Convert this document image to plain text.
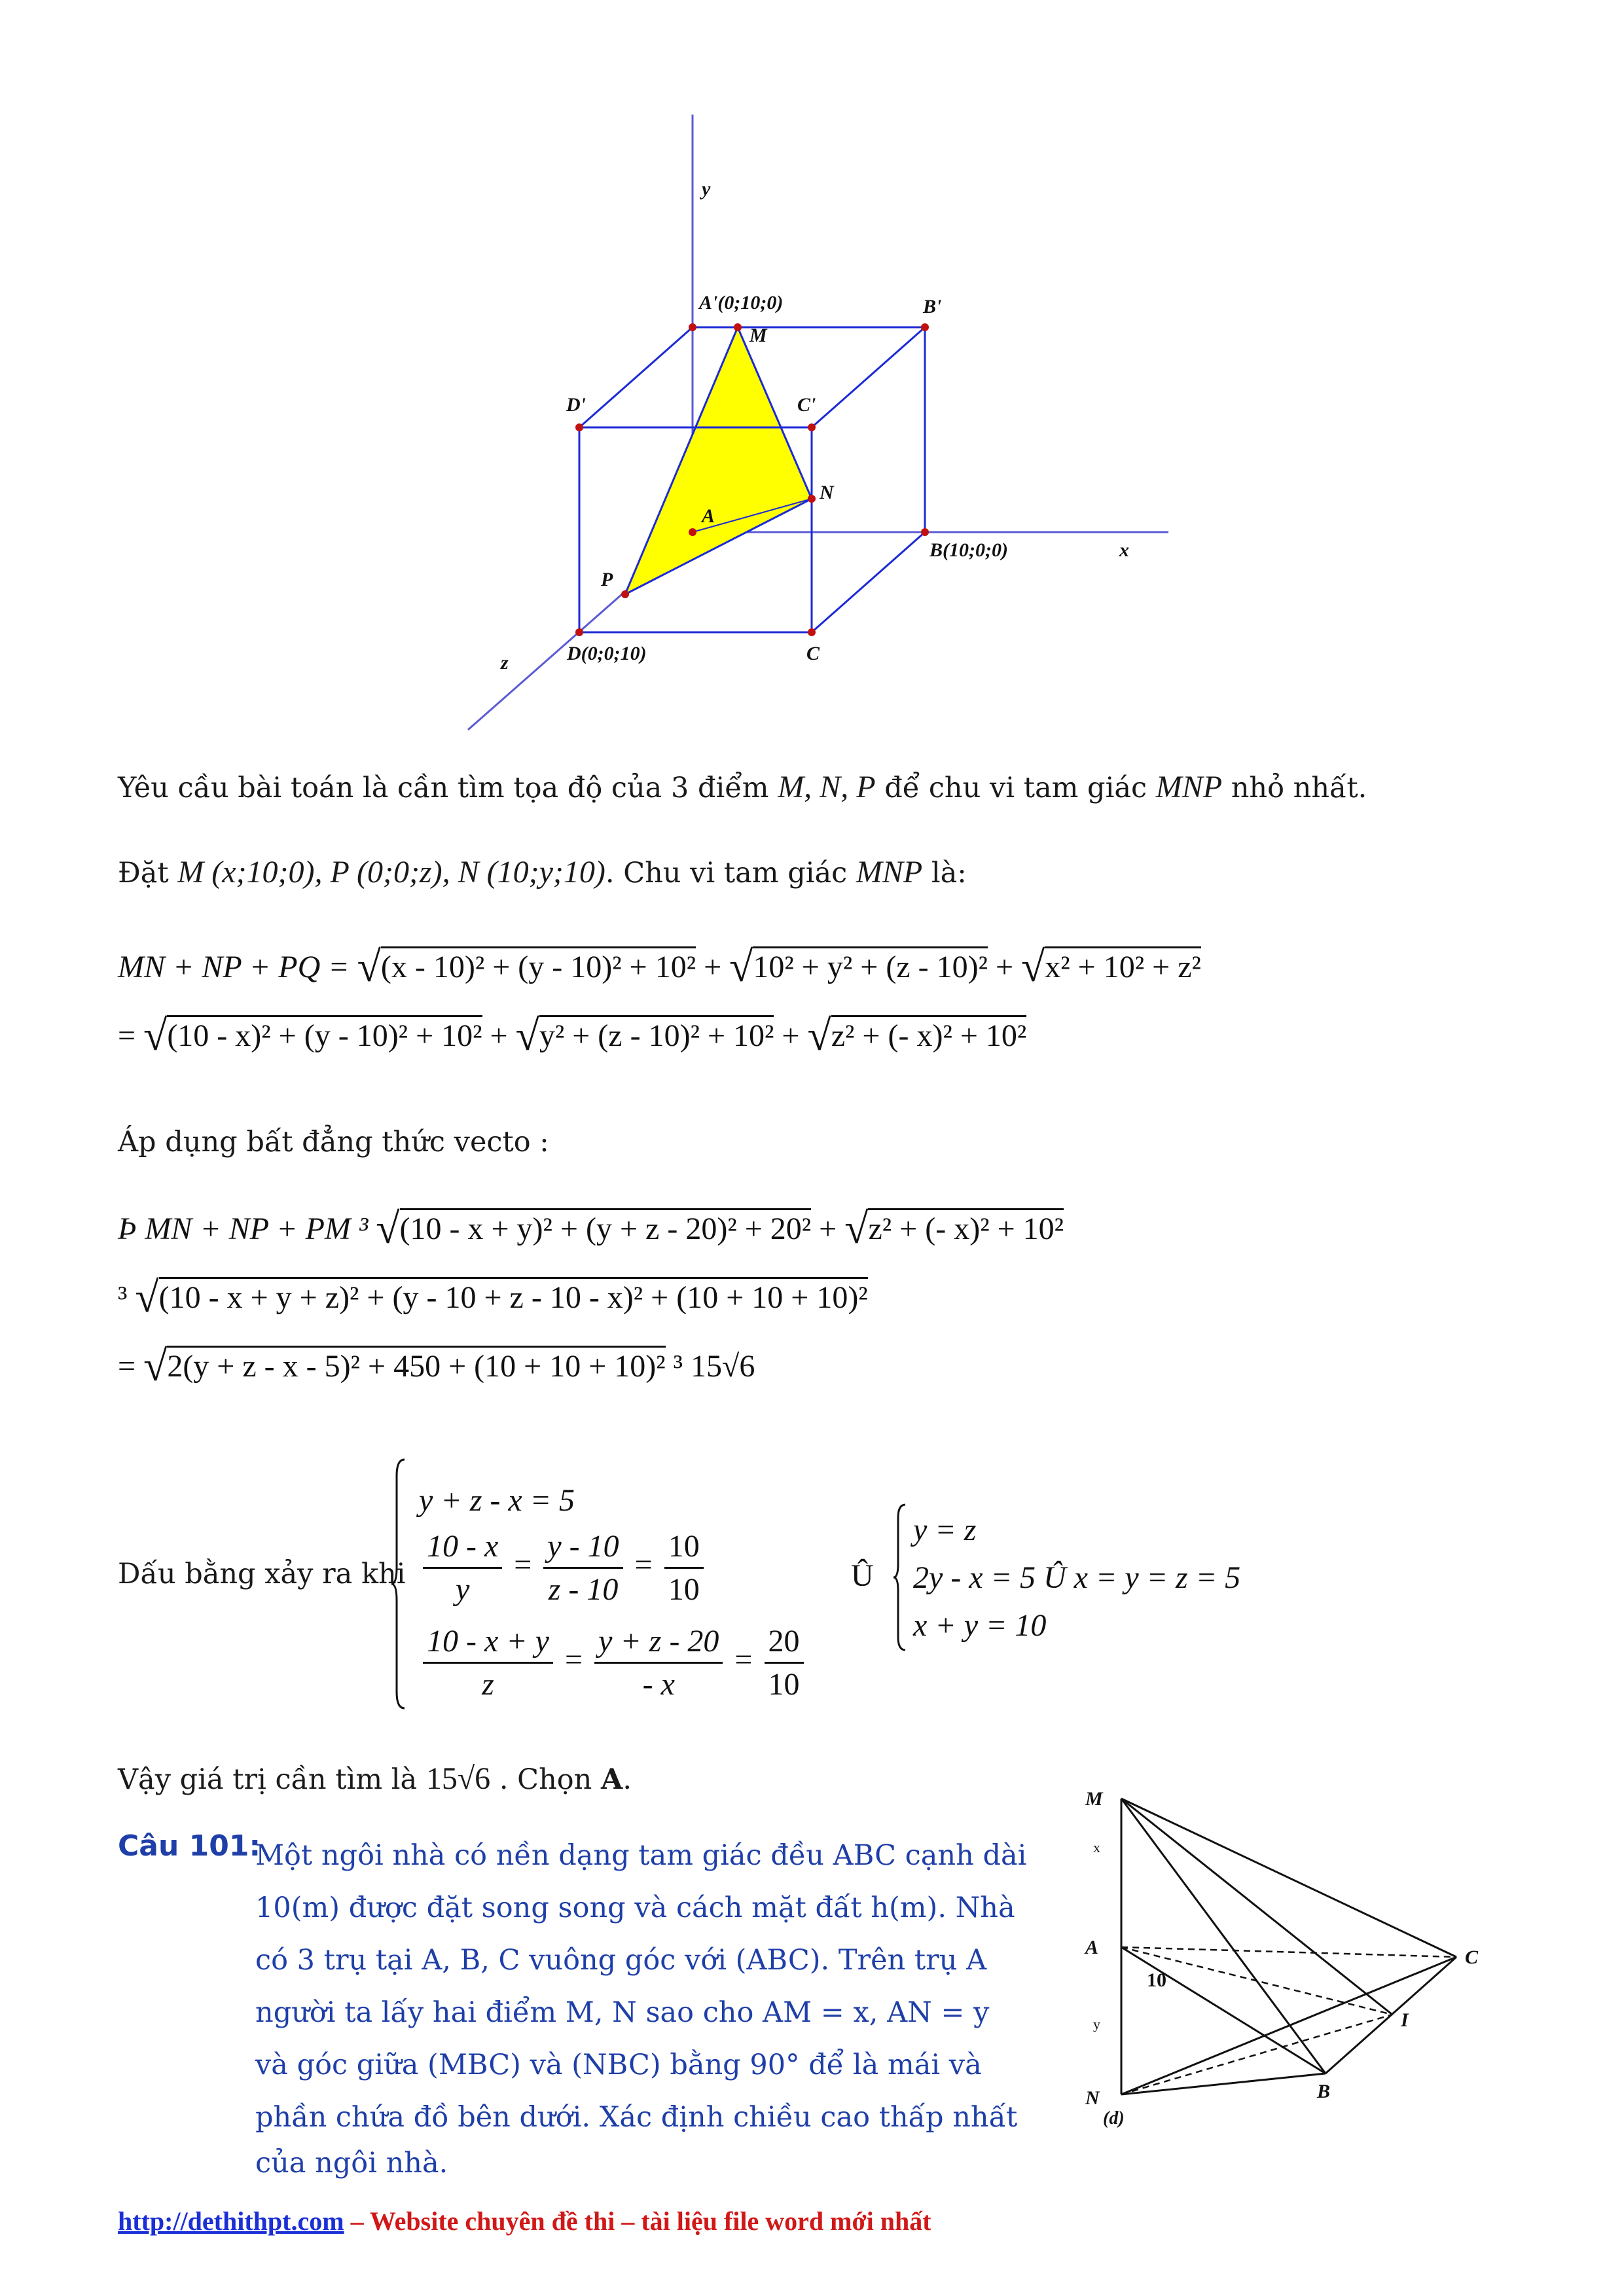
y
x
z
A'(0;10;0)	B'
D'	C'
M
N
A
B(10;0;0)
P
D(0;0;10)	C
Yêu cầu bài toán là cần tìm tọa độ của 3 điểm M, N, P để chu vi tam giác MNP nhỏ nhất.
Đặt M (x;10;0), P (0;0;z), N (10;y;10). Chu vi tam giác MNP là:
MN + NP + PQ = √(x - 10)² + (y - 10)² + 10² + √10² + y² + (z - 10)² + √x² + 10² + z²
= √(10 - x)² + (y - 10)² + 10² + √y² + (z - 10)² + 10² + √z² + (- x)² + 10²
Áp dụng bất đẳng thức vecto :
Þ MN + NP + PM ³ √(10 - x + y)² + (y + z - 20)² + 20² + √z² + (- x)² + 10²
³ √(10 - x + y + z)² + (y - 10 + z - 10 - x)² + (10 + 10 + 10)²
= √2(y + z - x - 5)² + 450 + (10 + 10 + 10)² ³ 15√6
Dấu bằng xảy ra khi
y + z - x = 5
$\frac{10 - x}{y} = \frac{y - 10}{z - 10} = \frac{10}{10}$
$\frac{10 - x + y}{z} = \frac{y + z - 20}{- x} = \frac{20}{10}$
Û
y = z
2y - x = 5 Û x = y = z = 5
x + y = 10
Vậy giá trị cần tìm là 15√6 . Chọn A.
Câu 101:
Một ngôi nhà có nền dạng tam giác đều ABC cạnh dài
10(m) được đặt song song và cách mặt đất h(m). Nhà
có 3 trụ tại A, B, C vuông góc với (ABC). Trên trụ A
người ta lấy hai điểm M, N sao cho AM = x, AN = y
và góc giữa (MBC) và (NBC) bằng 90° để là mái và
phần chứa đồ bên dưới. Xác định chiều cao thấp nhất
của ngôi nhà.
M
A
N	B
C
I
10
(d)
x
y
http://dethithpt.com – Website chuyên đề thi – tài liệu file word mới nhất
